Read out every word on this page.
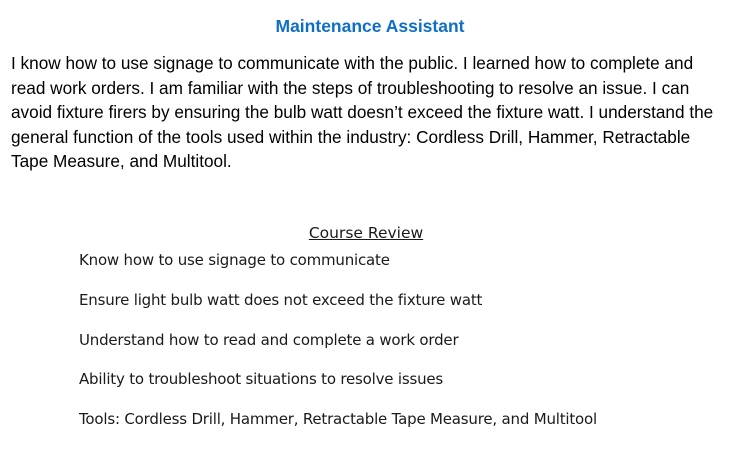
Maintenance Assistant
I know how to use signage to communicate with the public. I learned how to complete and read work orders. I am familiar with the steps of troubleshooting to resolve an issue. I can avoid fixture firers by ensuring the bulb watt doesn’t exceed the fixture watt. I understand the general function of the tools used within the industry: Cordless Drill, Hammer, Retractable Tape Measure, and Multitool.
Course Review
Know how to use signage to communicate
Ensure light bulb watt does not exceed the fixture watt
Understand how to read and complete a work order
Ability to troubleshoot situations to resolve issues
Tools: Cordless Drill, Hammer, Retractable Tape Measure, and Multitool
